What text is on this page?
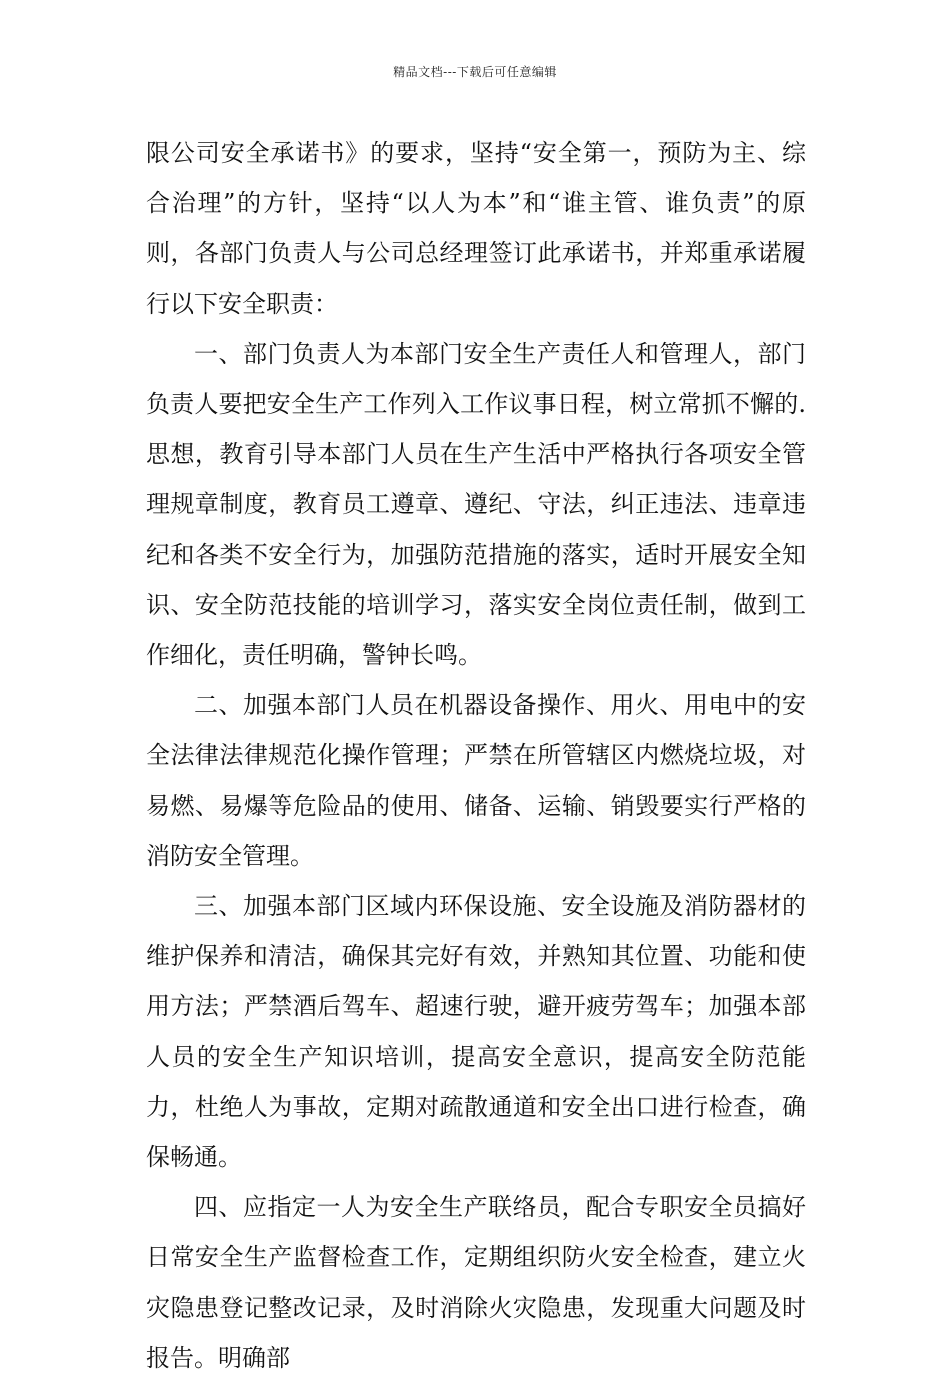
精品文档---下载后可任意编辑

限公司安全承诺书》的要求，坚持“安全第一，预防为主、综合治理”的方针，坚持“以人为本”和“谁主管、谁负责”的原则，各部门负责人与公司总经理签订此承诺书，并郑重承诺履行以下安全职责：

一、部门负责人为本部门安全生产责任人和管理人，部门负责人要把安全生产工作列入工作议事日程，树立常抓不懈的.思想，教育引导本部门人员在生产生活中严格执行各项安全管理规章制度，教育员工遵章、遵纪、守法，纠正违法、违章违纪和各类不安全行为，加强防范措施的落实，适时开展安全知识、安全防范技能的培训学习，落实安全岗位责任制，做到工作细化，责任明确，警钟长鸣。

二、加强本部门人员在机器设备操作、用火、用电中的安全法律法律规范化操作管理；严禁在所管辖区内燃烧垃圾，对易燃、易爆等危险品的使用、储备、运输、销毁要实行严格的消防安全管理。

三、加强本部门区域内环保设施、安全设施及消防器材的维护保养和清洁，确保其完好有效，并熟知其位置、功能和使用方法；严禁酒后驾车、超速行驶，避开疲劳驾车；加强本部人员的安全生产知识培训，提高安全意识，提高安全防范能力，杜绝人为事故，定期对疏散通道和安全出口进行检查，确保畅通。

四、应指定一人为安全生产联络员，配合专职安全员搞好日常安全生产监督检查工作，定期组织防火安全检查，建立火灾隐患登记整改记录，及时消除火灾隐患，发现重大问题及时报告。明确部
